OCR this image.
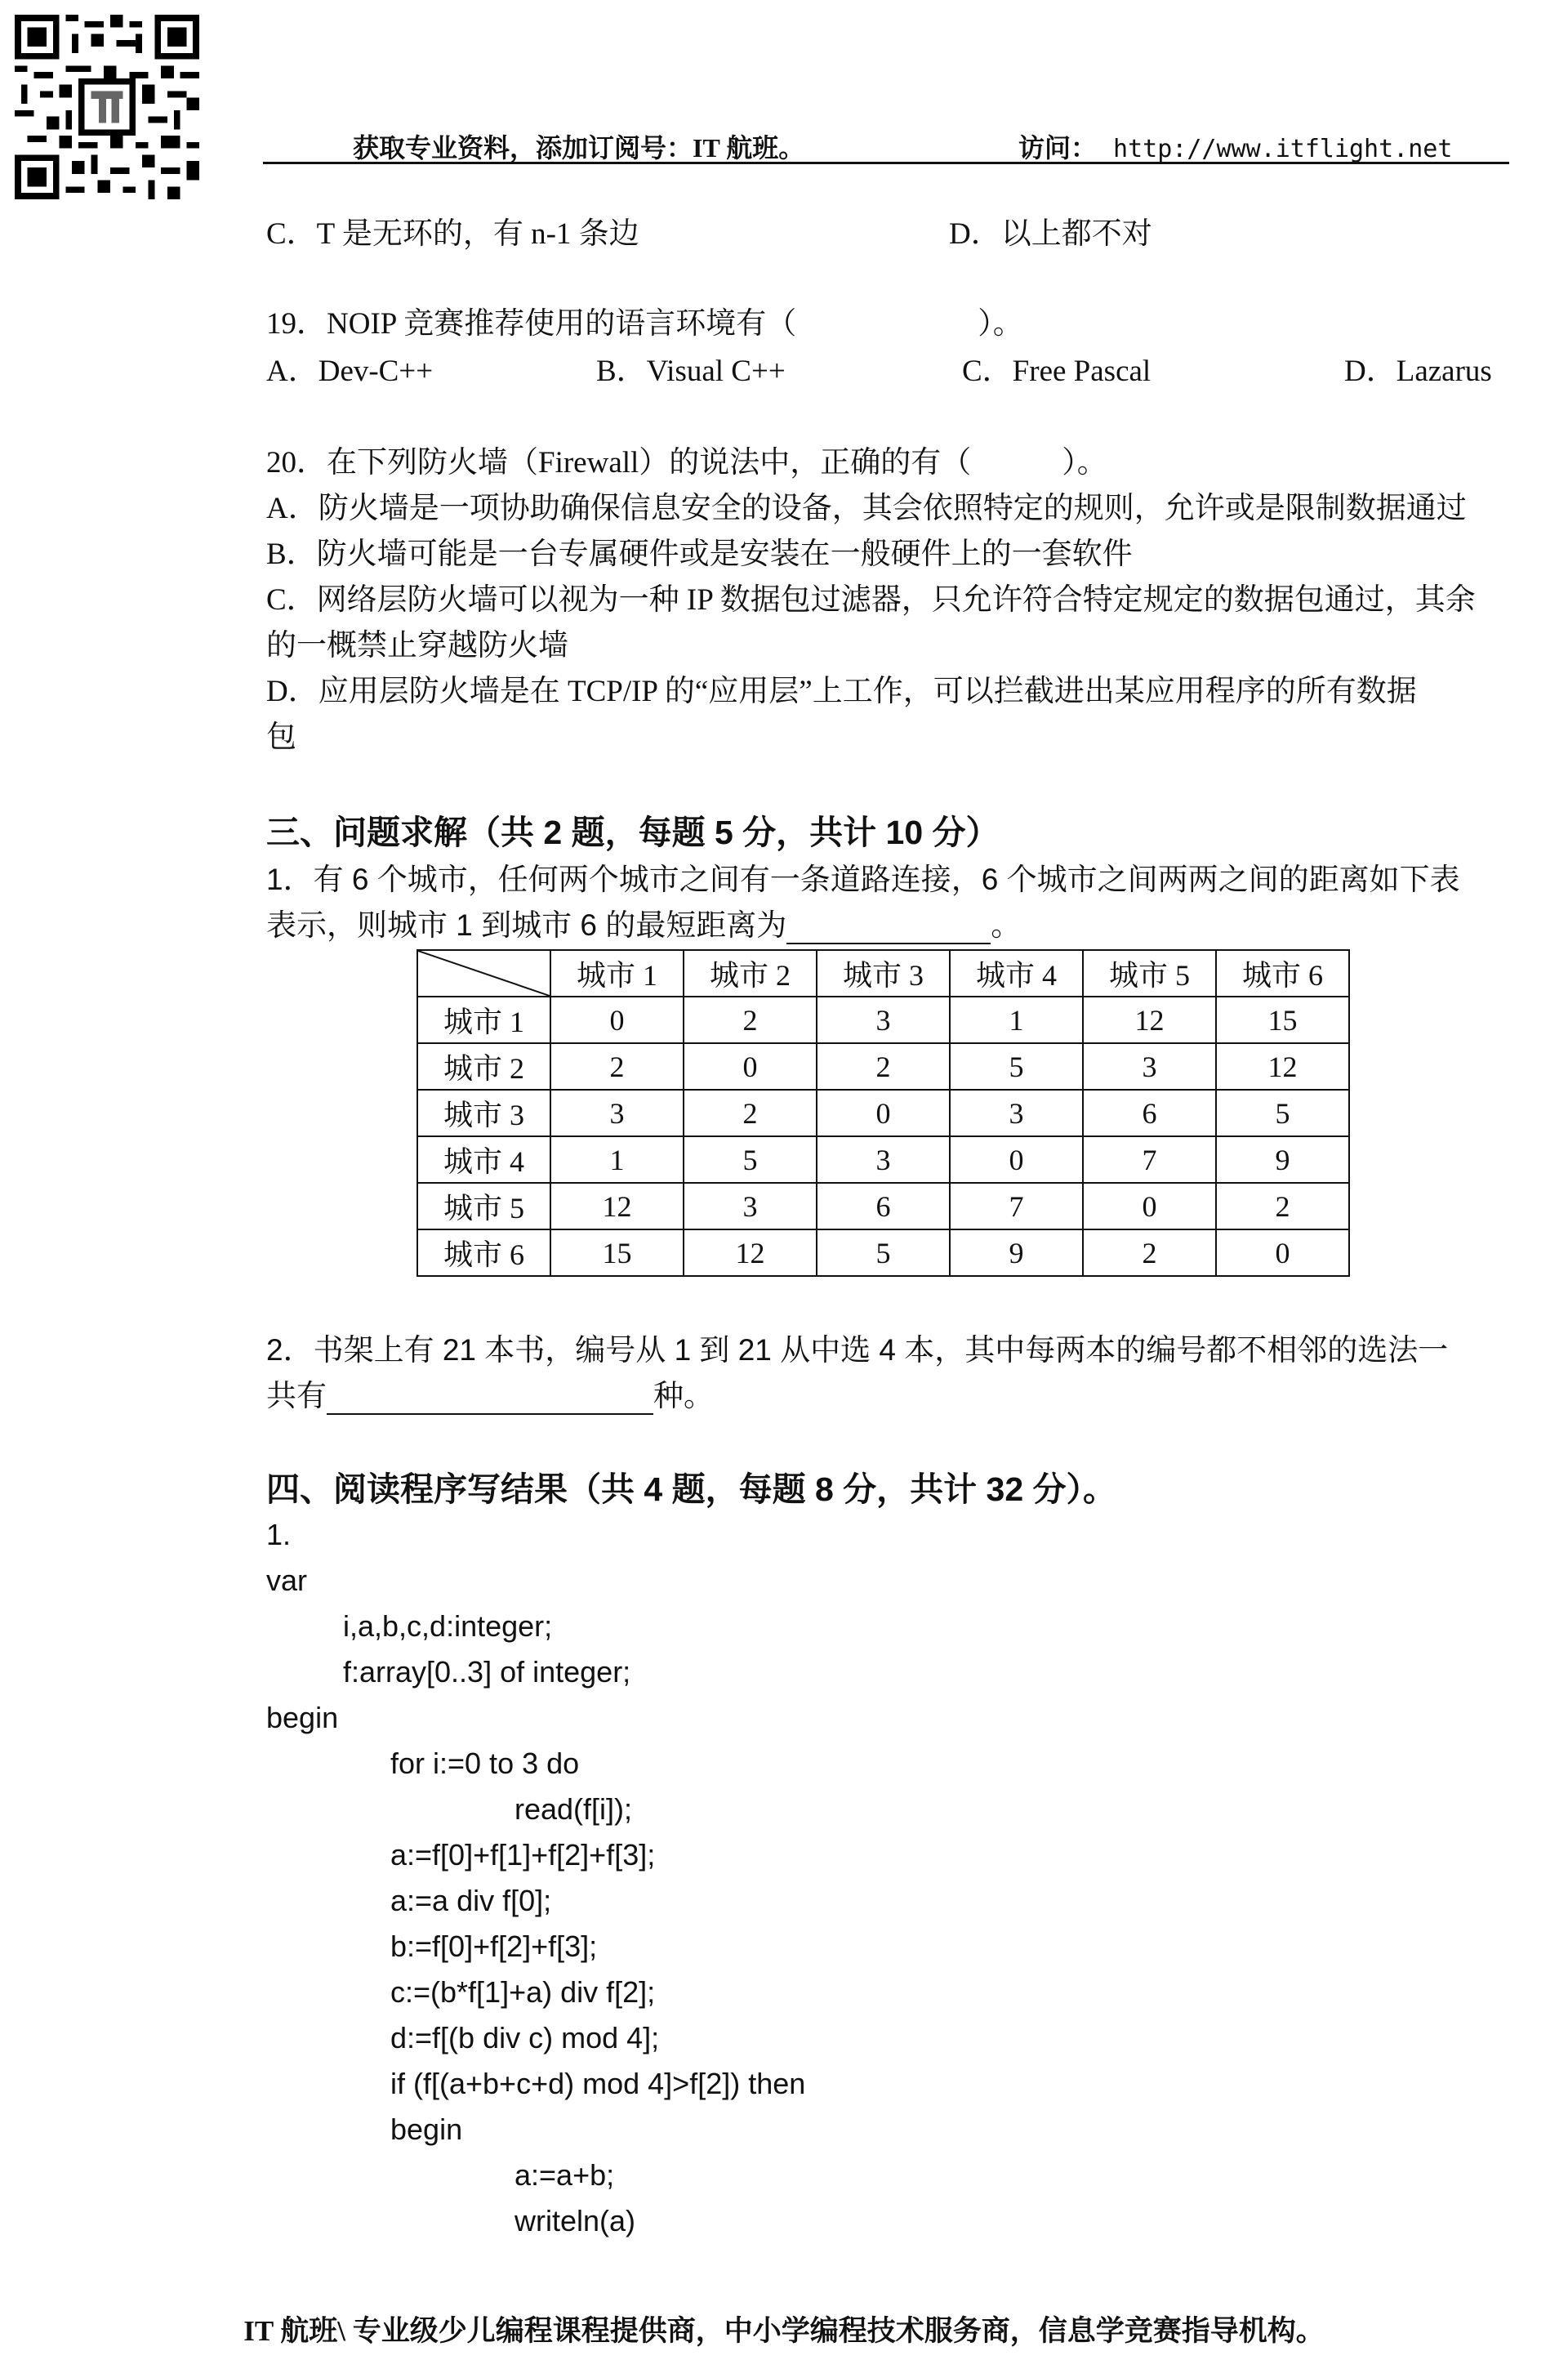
获取专业资料，添加订阅号：IT 航班。	访问： http://www.itflight.net
C．T 是无环的，有 n-1 条边	D．以上都不对
19．NOIP 竞赛推荐使用的语言环境有（　　　　　　）。
A．Dev-C++	B．Visual C++	C．Free Pascal	D．Lazarus
20．在下列防火墙（Firewall）的说法中，正确的有（　　　）。
A．防火墙是一项协助确保信息安全的设备，其会依照特定的规则，允许或是限制数据通过
B．防火墙可能是一台专属硬件或是安装在一般硬件上的一套软件
C．网络层防火墙可以视为一种 IP 数据包过滤器，只允许符合特定规定的数据包通过，其余
的一概禁止穿越防火墙
D．应用层防火墙是在 TCP/IP 的“应用层”上工作，可以拦截进出某应用程序的所有数据
包
三、问题求解（共 2 题，每题 5 分，共计 10 分）
1．有 6 个城市，任何两个城市之间有一条道路连接，6 个城市之间两两之间的距离如下表
表示，则城市 1 到城市 6 的最短距离为	。
2．书架上有 21 本书，编号从 1 到 21 从中选 4 本，其中每两本的编号都不相邻的选法一
共有	种。
四、阅读程序写结果（共 4 题，每题 8 分，共计 32 分）。
1.
var
i,a,b,c,d:integer;
f:array[0..3] of integer;
begin
for i:=0 to 3 do
read(f[i]);
a:=f[0]+f[1]+f[2]+f[3];
a:=a div f[0];
b:=f[0]+f[2]+f[3];
c:=(b*f[1]+a) div f[2];
d:=f[(b div c) mod 4];
if (f[(a+b+c+d) mod 4]>f[2]) then
begin
a:=a+b;
writeln(a)
	城市 1	城市 2	城市 3	城市 4	城市 5	城市 6
城市 1	0	2	3	1	12	15
城市 2	2	0	2	5	3	12
城市 3	3	2	0	3	6	5
城市 4	1	5	3	0	7	9
城市 5	12	3	6	7	0	2
城市 6	15	12	5	9	2	0
IT 航班\ 专业级少儿编程课程提供商，中小学编程技术服务商，信息学竞赛指导机构。
